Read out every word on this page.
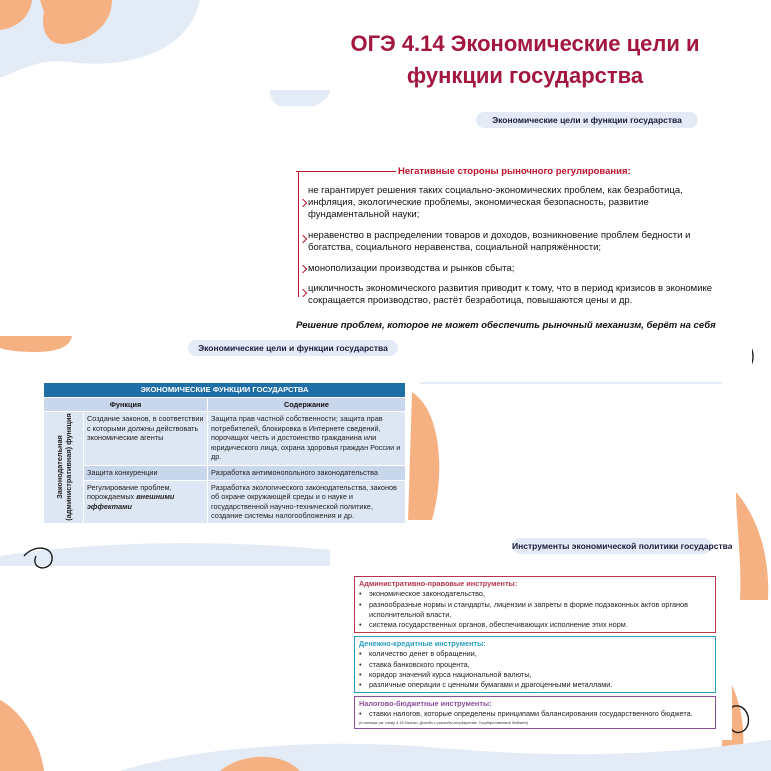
ОГЭ 4.14 Экономические цели и
функции государства
Экономические цели и функции государства
Негативные стороны рыночного регулирования:
не гарантирует решения таких социально-экономических проблем, как безработица, инфляция, экологические проблемы, экономическая безопасность, развитие фундаментальной науки;
неравенство в распределении товаров и доходов, возникновение проблем бедности и богатства, социального неравенства, социальной напряжённости;
монополизации производства и рынков сбыта;
цикличность экономического развития приводит к тому, что в период кризисов в экономике сокращается производство, растёт безработица, повышаются цены и др.
Решение проблем, которое не может обеспечить рыночный механизм, берёт на себя
Экономические цели и функции государства
ЭКОНОМИЧЕСКИЕ ФУНКЦИИ ГОСУДАРСТВА		
Функция		Содержание

Законодательная (административная) функция	Создание законов, в соответствии с которыми должны действовать экономические агенты	Защита прав частной собственности; защита прав потребителей, блокировка в Интернете сведений, порочащих честь и достоинство гражданина или юридического лица, охрана здоровья граждан России и др.
	Защита конкуренции	Разработка антимонопольного законодательства
	Регулирование проблем, порождаемых внешними эффектами	Разработка экологического законодательства, законов об охране окружающей среды и о науке и государственной научно-технической политике, создание системы налогообложения и др.
Инструменты экономической политики государства
Административно-правовые инструменты:
• экономическое законодательство,
• разнообразные нормы и стандарты, лицензии и запреты в форме подзаконных актов органов исполнительной власти,
• система государственных органов, обеспечивающих исполнение этих норм.
Денежно-кредитные инструменты:
• количество денег в обращении,
• ставка банковского процента,
• коридор значений курса национальной валюты,
• различные операции с ценными бумагами и драгоценными металлами.
Налогово-бюджетные инструменты:
• ставки налогов, которые определены принципами балансирования государственного бюджета.
(о налогах см. тему 4.15 Налоги. Доходы и расходы государства. Государственный бюджет)
